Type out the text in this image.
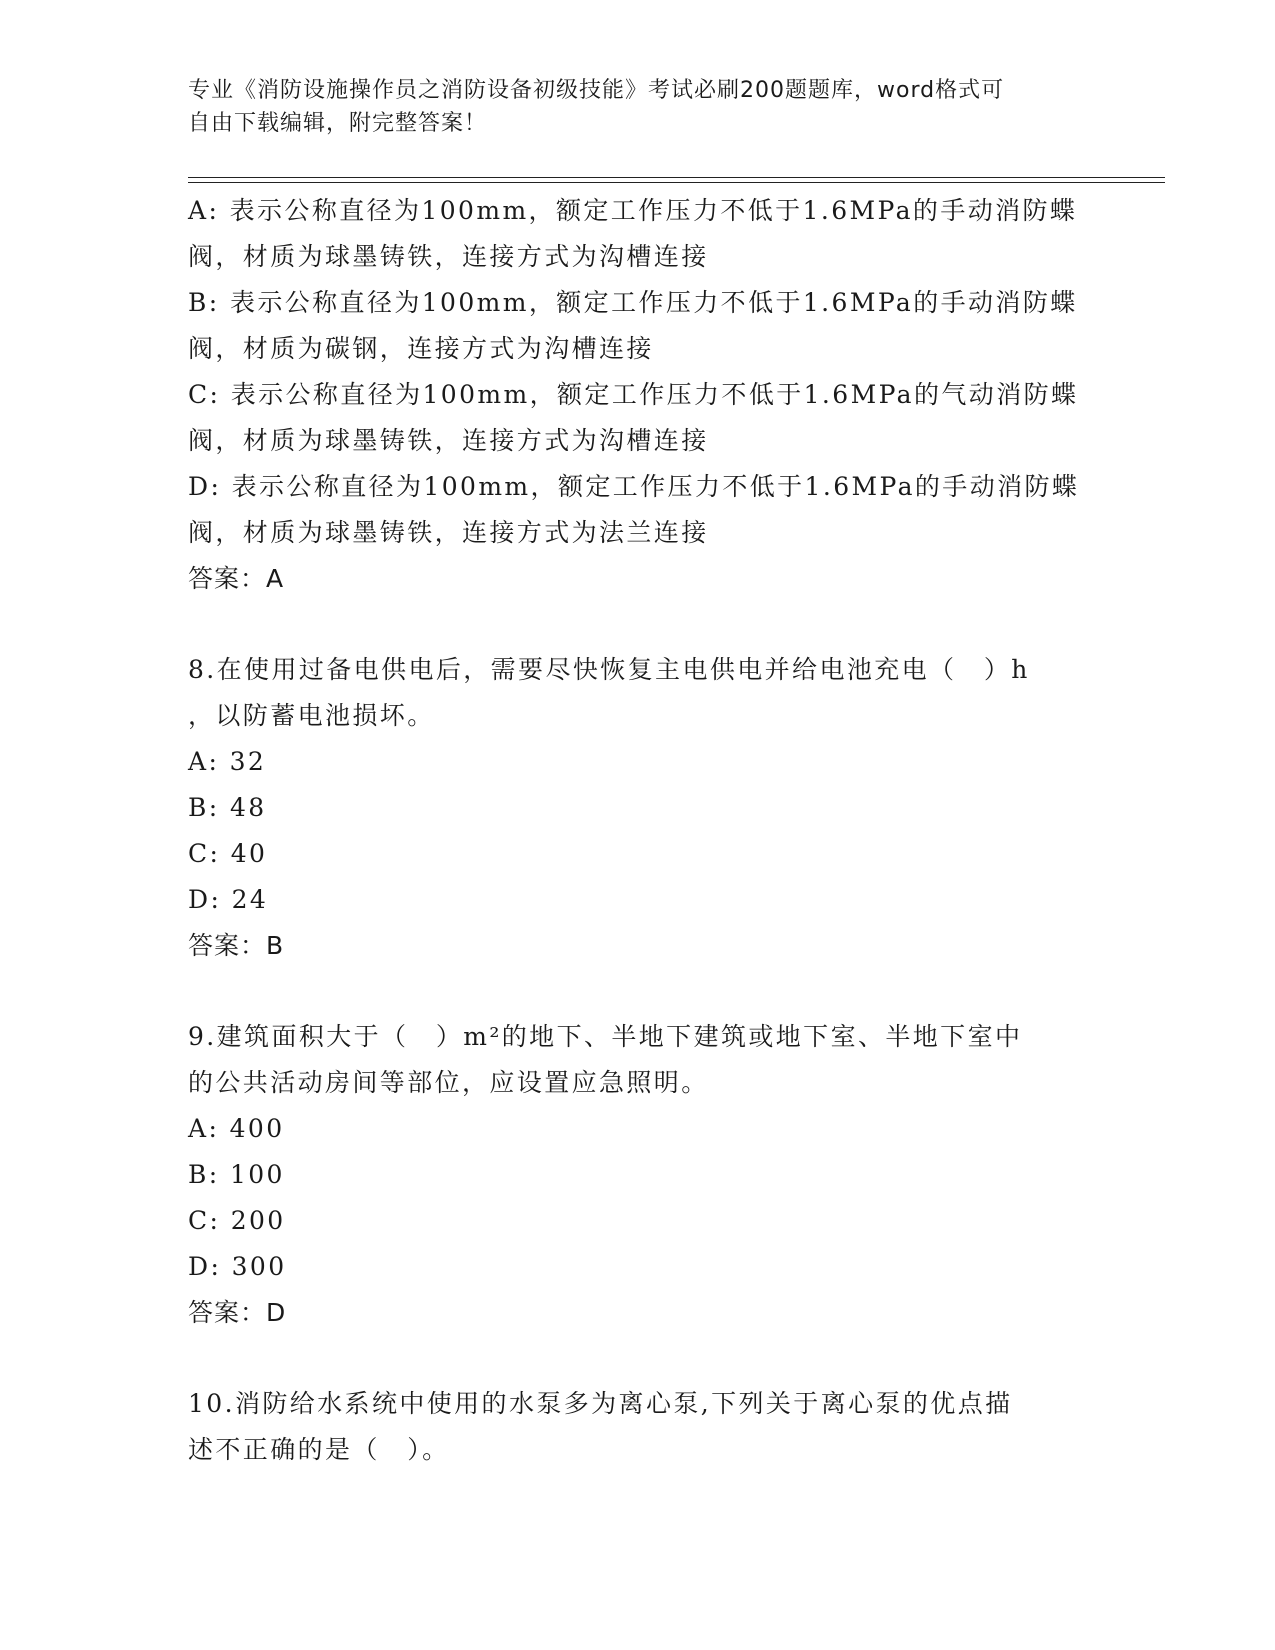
专业《消防设施操作员之消防设备初级技能》考试必刷200题题库，word格式可
自由下载编辑，附完整答案！
A: 表示公称直径为100mm，额定工作压力不低于1.6MPa的手动消防蝶
阀，材质为球墨铸铁，连接方式为沟槽连接
B: 表示公称直径为100mm，额定工作压力不低于1.6MPa的手动消防蝶
阀，材质为碳钢，连接方式为沟槽连接
C: 表示公称直径为100mm，额定工作压力不低于1.6MPa的气动消防蝶
阀，材质为球墨铸铁，连接方式为沟槽连接
D: 表示公称直径为100mm，额定工作压力不低于1.6MPa的手动消防蝶
阀，材质为球墨铸铁，连接方式为法兰连接
答案：A
8.在使用过备电供电后，需要尽快恢复主电供电并给电池充电（　）h
，以防蓄电池损坏。
A: 32
B: 48
C: 40
D: 24
答案：B
9.建筑面积大于（　）m²的地下、半地下建筑或地下室、半地下室中
的公共活动房间等部位，应设置应急照明。
A: 400
B: 100
C: 200
D: 300
答案：D
10.消防给水系统中使用的水泵多为离心泵,下列关于离心泵的优点描
述不正确的是（　）。
